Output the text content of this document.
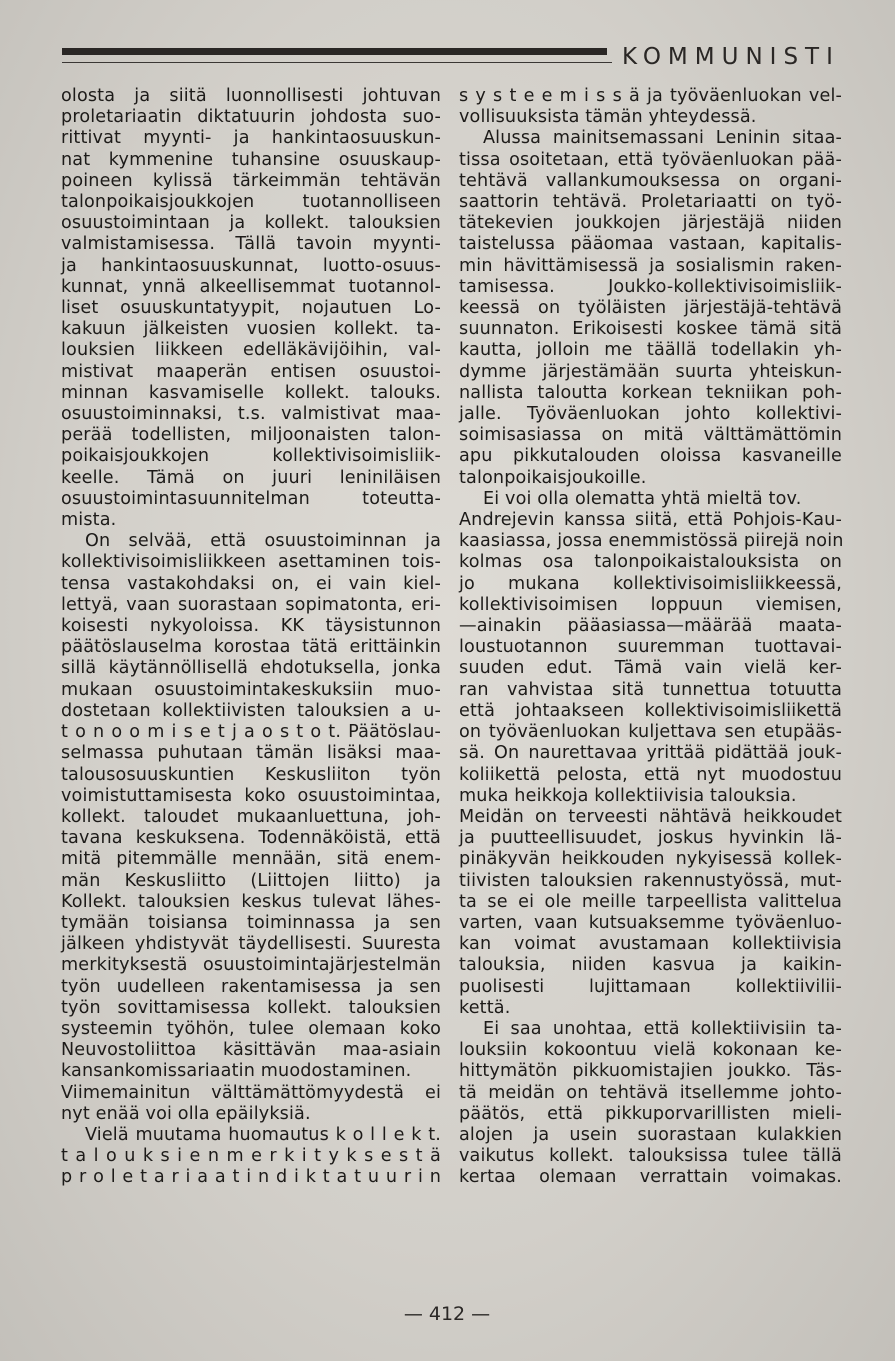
KOMMUNISTI
olosta ja siitä luonnollisesti johtuvan
proletariaatin diktatuurin johdosta suo-
rittivat myynti- ja hankintaosuuskun-
nat kymmenine tuhansine osuuskaup-
poineen kylissä tärkeimmän tehtävän
talonpoikaisjoukkojen tuotannolliseen
osuustoimintaan ja kollekt. talouksien
valmistamisessa. Tällä tavoin myynti-
ja hankintaosuuskunnat, luotto-osuus-
kunnat, ynnä alkeellisemmat tuotannol-
liset osuuskuntatyypit, nojautuen Lo-
kakuun jälkeisten vuosien kollekt. ta-
louksien liikkeen edelläkävijöihin, val-
mistivat maaperän entisen osuustoi-
minnan kasvamiselle kollekt. talouks.
osuustoiminnaksi, t.s. valmistivat maa-
perää todellisten, miljoonaisten talon-
poikaisjoukkojen kollektivisoimisliik-
keelle. Tämä on juuri leniniläisen
osuustoimintasuunnitelman toteutta-
mista.
On selvää, että osuustoiminnan ja
kollektivisoimisliikkeen asettaminen tois-
tensa vastakohdaksi on, ei vain kiel-
lettyä, vaan suorastaan sopimatonta, eri-
koisesti nykyoloissa. KK täysistunnon
päätöslauselma korostaa tätä erittäinkin
sillä käytännöllisellä ehdotuksella, jonka
mukaan osuustoimintakeskuksiin muo-
dostetaan kollektiivisten talouksien a u-
t o n o o m i s e t j a o s t o t. Päätöslau-
selmassa puhutaan tämän lisäksi maa-
talousosuuskuntien Keskusliiton työn
voimistuttamisesta koko osuustoimintaa,
kollekt. taloudet mukaanluettuna, joh-
tavana keskuksena. Todennäköistä, että
mitä pitemmälle mennään, sitä enem-
män Keskusliitto (Liittojen liitto) ja
Kollekt. talouksien keskus tulevat lähes-
tymään toisiansa toiminnassa ja sen
jälkeen yhdistyvät täydellisesti. Suuresta
merkityksestä osuustoimintajärjestelmän
työn uudelleen rakentamisessa ja sen
työn sovittamisessa kollekt. talouksien
systeemin työhön, tulee olemaan koko
Neuvostoliittoa käsittävän maa-asiain
kansankomissariaatin muodostaminen.
Viimemainitun välttämättömyydestä ei
nyt enää voi olla epäilyksiä.
Vielä muutama huomautus k o l l e k t.
t a l o u k s i e n m e r k i t y k s e s t ä
p r o l e t a r i a a t i n d i k t a t u u r i n
s y s t e e m i s s ä ja työväenluokan vel-
vollisuuksista tämän yhteydessä.
Alussa mainitsemassani Leninin sitaa-
tissa osoitetaan, että työväenluokan pää-
tehtävä vallankumouksessa on organi-
saattorin tehtävä. Proletariaatti on työ-
tätekevien joukkojen järjestäjä niiden
taistelussa pääomaa vastaan, kapitalis-
min hävittämisessä ja sosialismin raken-
tamisessa. Joukko-kollektivisoimisliik-
keessä on työläisten järjestäjä-tehtävä
suunnaton. Erikoisesti koskee tämä sitä
kautta, jolloin me täällä todellakin yh-
dymme järjestämään suurta yhteiskun-
nallista taloutta korkean tekniikan poh-
jalle. Työväenluokan johto kollektivi-
soimisasiassa on mitä välttämättömin
apu pikkutalouden oloissa kasvaneille
talonpoikaisjoukoille.
Ei voi olla olematta yhtä mieltä tov.
Andrejevin kanssa siitä, että Pohjois-Kau-
kaasiassa, jossa enemmistössä piirejä noin
kolmas osa talonpoikaistalouksista on
jo mukana kollektivisoimisliikkeessä,
kollektivisoimisen loppuun viemisen,
—ainakin pääasiassa—määrää maata-
loustuotannon suuremman tuottavai-
suuden edut. Tämä vain vielä ker-
ran vahvistaa sitä tunnettua totuutta
että johtaakseen kollektivisoimisliikettä
on työväenluokan kuljettava sen etupääs-
sä. On naurettavaa yrittää pidättää jouk-
koliikettä pelosta, että nyt muodostuu
muka heikkoja kollektiivisia talouksia.
Meidän on terveesti nähtävä heikkoudet
ja puutteellisuudet, joskus hyvinkin lä-
pinäkyvän heikkouden nykyisessä kollek-
tiivisten talouksien rakennustyössä, mut-
ta se ei ole meille tarpeellista valittelua
varten, vaan kutsuaksemme työväenluo-
kan voimat avustamaan kollektiivisia
talouksia, niiden kasvua ja kaikin-
puolisesti lujittamaan kollektiivilii-
kettä.
Ei saa unohtaa, että kollektiivisiin ta-
louksiin kokoontuu vielä kokonaan ke-
hittymätön pikkuomistajien joukko. Täs-
tä meidän on tehtävä itsellemme johto-
päätös, että pikkuporvarillisten mieli-
alojen ja usein suorastaan kulakkien
vaikutus kollekt. talouksissa tulee tällä
kertaa olemaan verrattain voimakas.
— 412 —
